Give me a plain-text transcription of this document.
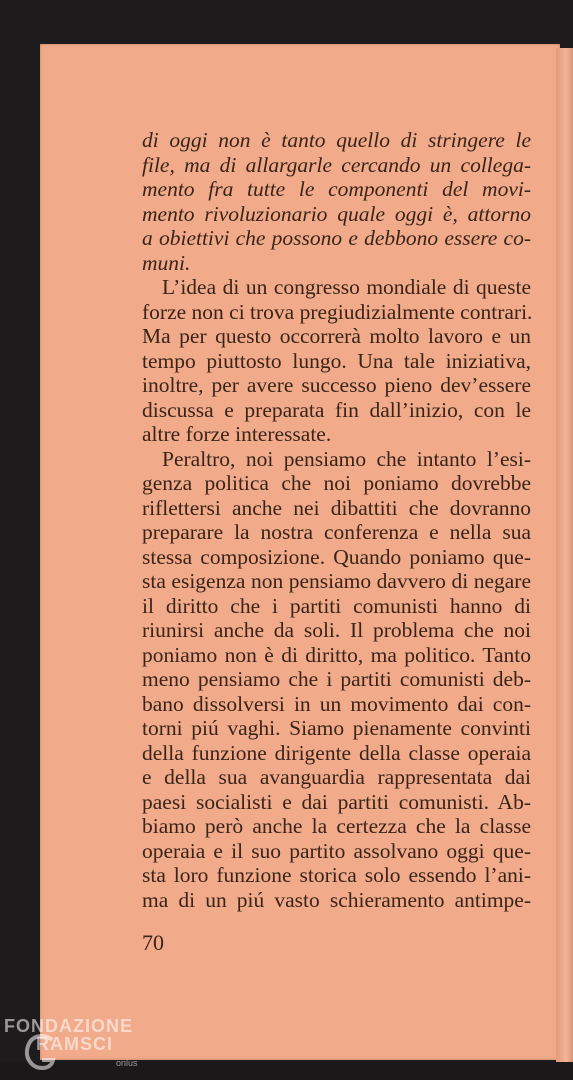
di oggi non è tanto quello di stringere le
file, ma di allargarle cercando un collega-
mento fra tutte le componenti del movi-
mento rivoluzionario quale oggi è, attorno
a obiettivi che possono e debbono essere co-
muni.
L’idea di un congresso mondiale di queste
forze non ci trova pregiudizialmente contrari.
Ma per questo occorrerà molto lavoro e un
tempo piuttosto lungo. Una tale iniziativa,
inoltre, per avere successo pieno dev’essere
discussa e preparata fin dall’inizio, con le
altre forze interessate.
Peraltro, noi pensiamo che intanto l’esi-
genza politica che noi poniamo dovrebbe
riflettersi anche nei dibattiti che dovranno
preparare la nostra conferenza e nella sua
stessa composizione. Quando poniamo que-
sta esigenza non pensiamo davvero di negare
il diritto che i partiti comunisti hanno di
riunirsi anche da soli. Il problema che noi
poniamo non è di diritto, ma politico. Tanto
meno pensiamo che i partiti comunisti deb-
bano dissolversi in un movimento dai con-
torni piú vaghi. Siamo pienamente convinti
della funzione dirigente della classe operaia
e della sua avanguardia rappresentata dai
paesi socialisti e dai partiti comunisti. Ab-
biamo però anche la certezza che la classe
operaia e il suo partito assolvano oggi que-
sta loro funzione storica solo essendo l’ani-
ma di un piú vasto schieramento antimpe-
70
FONDAZIONE
RAMSCI
onlus
